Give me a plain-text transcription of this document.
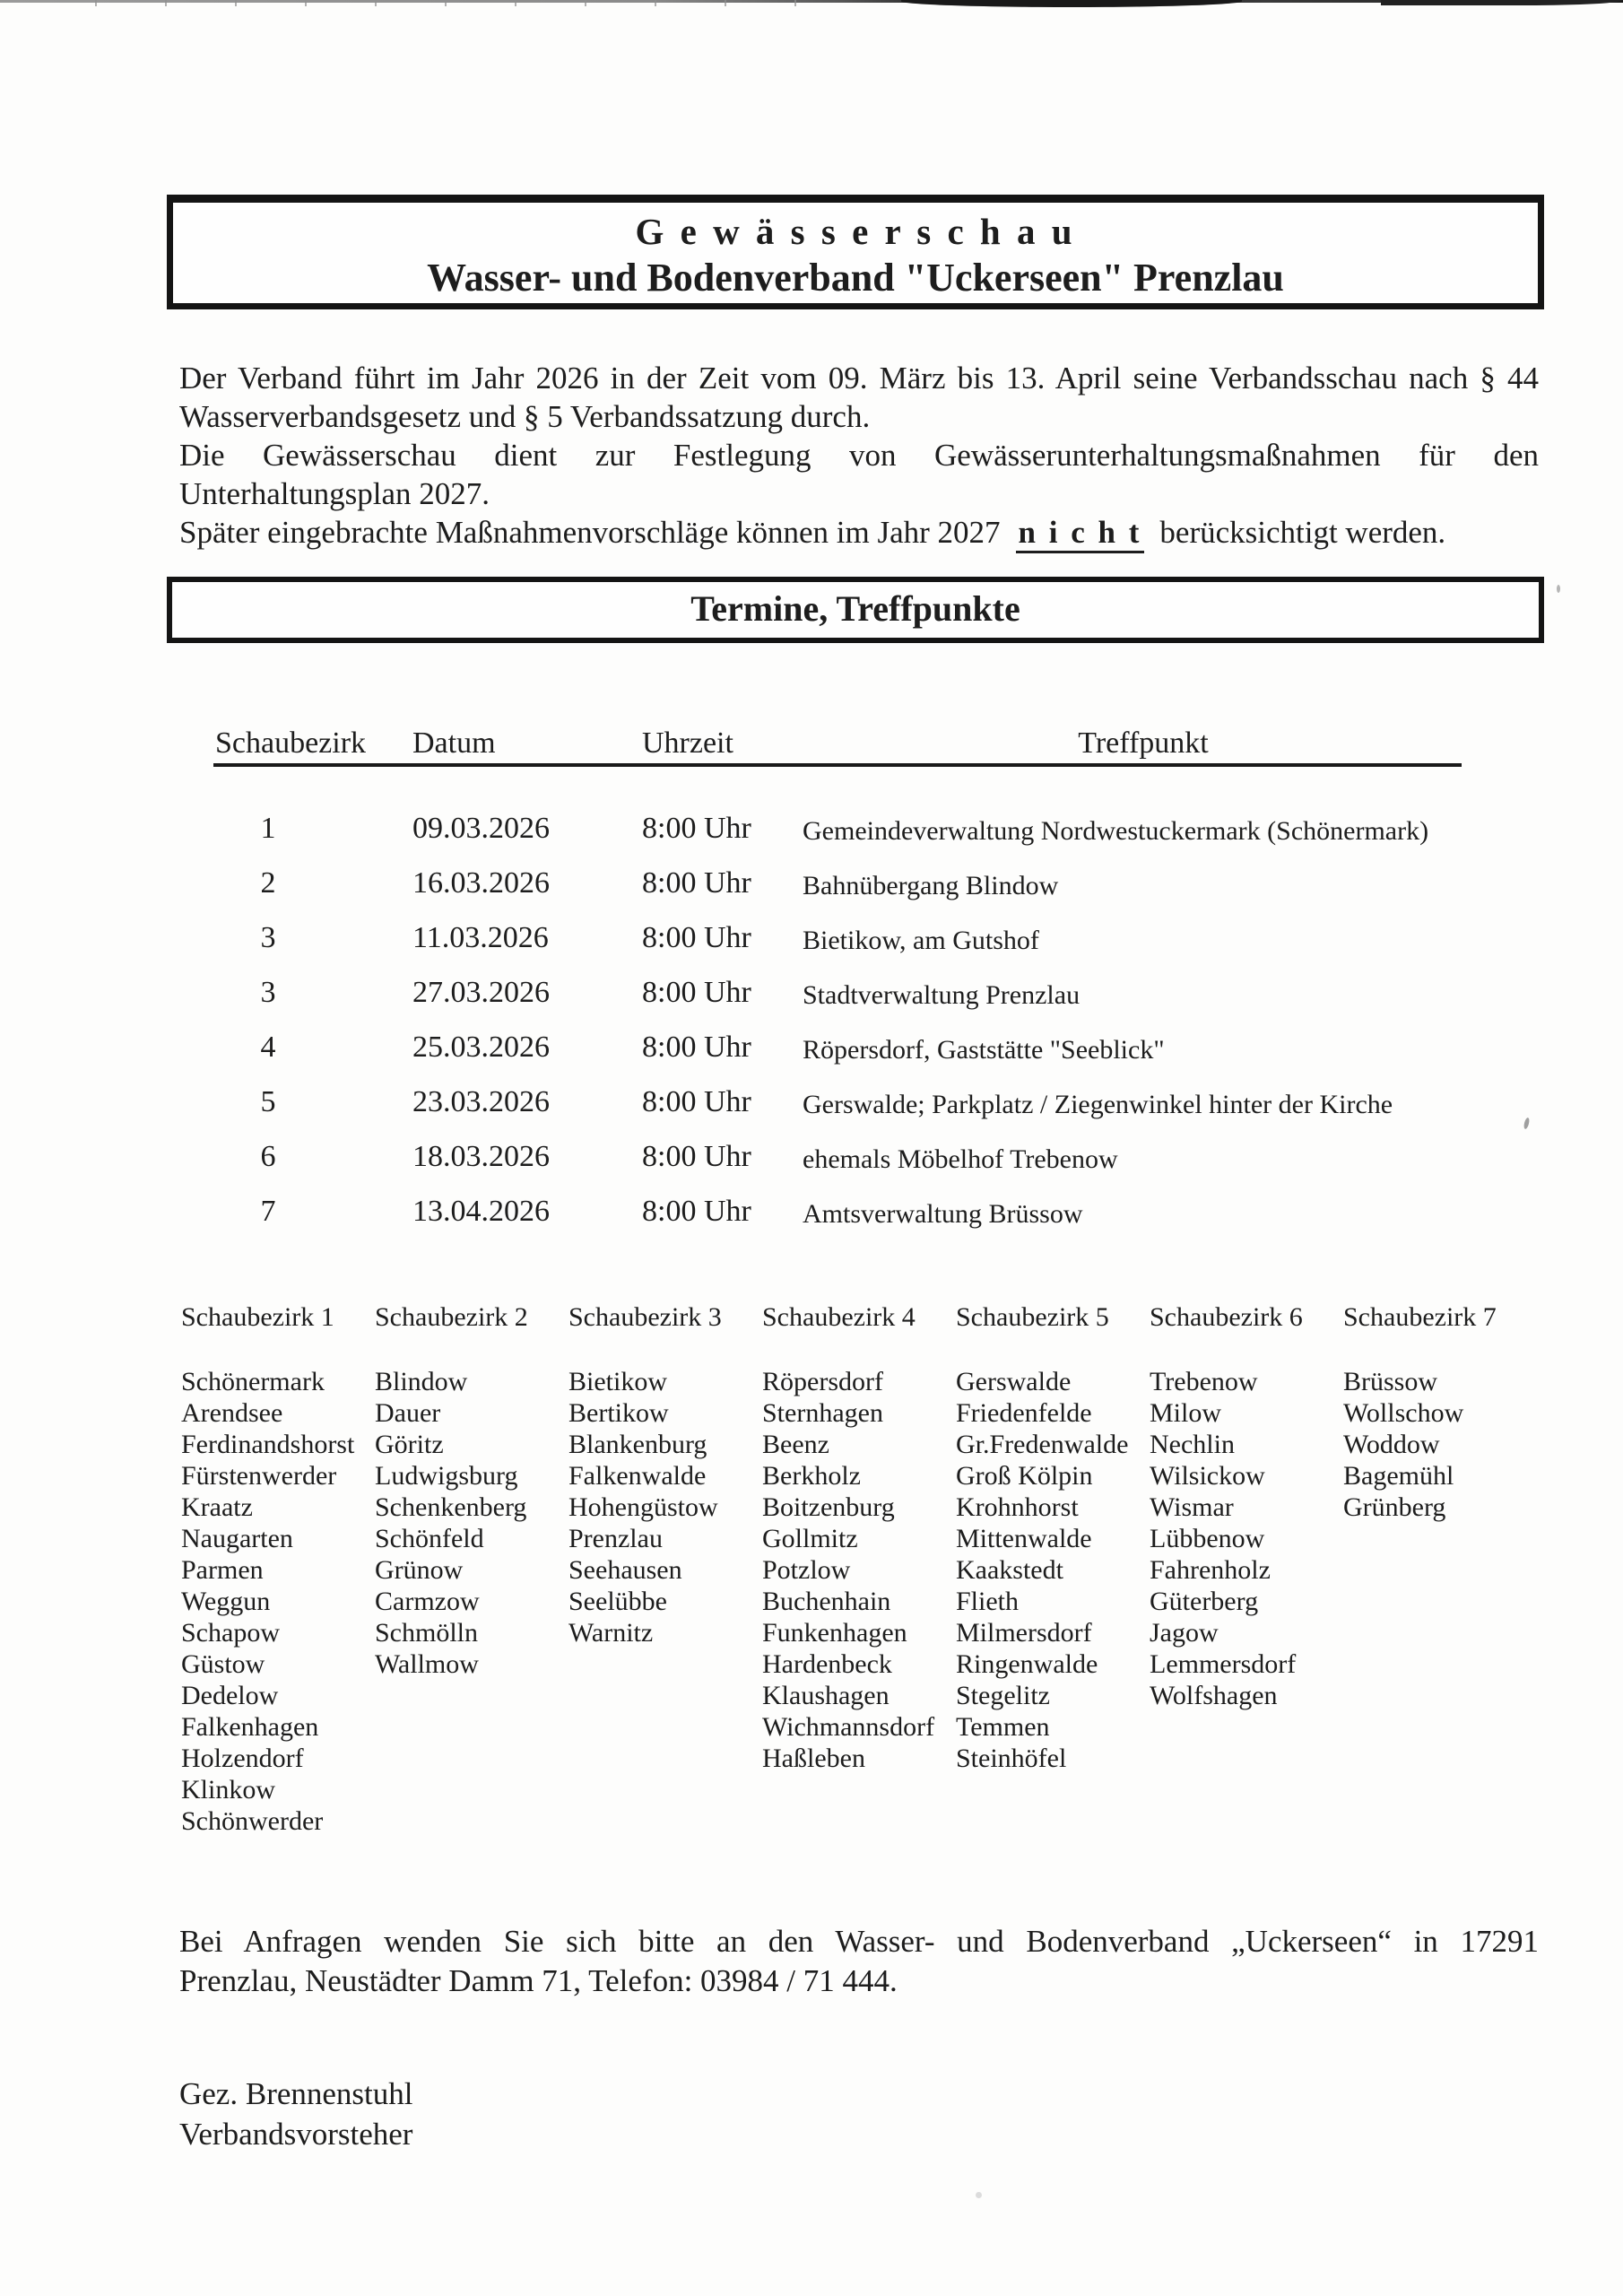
G e w ä s s e r s c h a u
Wasser- und Bodenverband "Uckerseen" Prenzlau
Der Verband führt im Jahr 2026 in der Zeit vom 09. März bis 13. April seine Verbandsschau nach § 44
Wasserverbandsgesetz und § 5 Verbandssatzung durch.
Die Gewässerschau dient zur Festlegung von Gewässerunterhaltungsmaßnahmen für den
Unterhaltungsplan 2027.
Später eingebrachte Maßnahmenvorschläge können im Jahr 2027 n i c h t berücksichtigt werden.
Termine, Treffpunkte
Schaubezirk Datum	Uhrzeit	Treffpunkt
1	09.03.2026	8:00 Uhr Gemeindeverwaltung Nordwestuckermark (Schönermark)
2	16.03.2026	8:00 Uhr Bahnübergang Blindow
3	11.03.2026	8:00 Uhr Bietikow, am Gutshof
3	27.03.2026	8:00 Uhr Stadtverwaltung Prenzlau
4	25.03.2026	8:00 Uhr Röpersdorf, Gaststätte "Seeblick"
5	23.03.2026	8:00 Uhr Gerswalde; Parkplatz / Ziegenwinkel hinter der Kirche
6	18.03.2026	8:00 Uhr ehemals Möbelhof Trebenow
7	13.04.2026	8:00 Uhr Amtsverwaltung Brüssow
Schaubezirk 1
Schönermark
Arendsee
Ferdinandshorst
Fürstenwerder
Kraatz
Naugarten
Parmen
Weggun
Schapow
Güstow
Dedelow
Falkenhagen
Holzendorf
Klinkow
Schönwerder
Schaubezirk 2
Blindow
Dauer
Göritz
Ludwigsburg
Schenkenberg
Schönfeld
Grünow
Carmzow
Schmölln
Wallmow
Schaubezirk 3
Bietikow
Bertikow
Blankenburg
Falkenwalde
Hohengüstow
Prenzlau
Seehausen
Seelübbe
Warnitz
Schaubezirk 4
Röpersdorf
Sternhagen
Beenz
Berkholz
Boitzenburg
Gollmitz
Potzlow
Buchenhain
Funkenhagen
Hardenbeck
Klaushagen
Wichmannsdorf
Haßleben
Schaubezirk 5
Gerswalde
Friedenfelde
Gr.Fredenwalde
Groß Kölpin
Krohnhorst
Mittenwalde
Kaakstedt
Flieth
Milmersdorf
Ringenwalde
Stegelitz
Temmen
Steinhöfel
Schaubezirk 6
Trebenow
Milow
Nechlin
Wilsickow
Wismar
Lübbenow
Fahrenholz
Güterberg
Jagow
Lemmersdorf
Wolfshagen
Schaubezirk 7
Brüssow
Wollschow
Woddow
Bagemühl
Grünberg
Bei Anfragen wenden Sie sich bitte an den Wasser- und Bodenverband „Uckerseen“ in 17291
Prenzlau, Neustädter Damm 71, Telefon: 03984 / 71 444.
Gez. Brennenstuhl
Verbandsvorsteher
